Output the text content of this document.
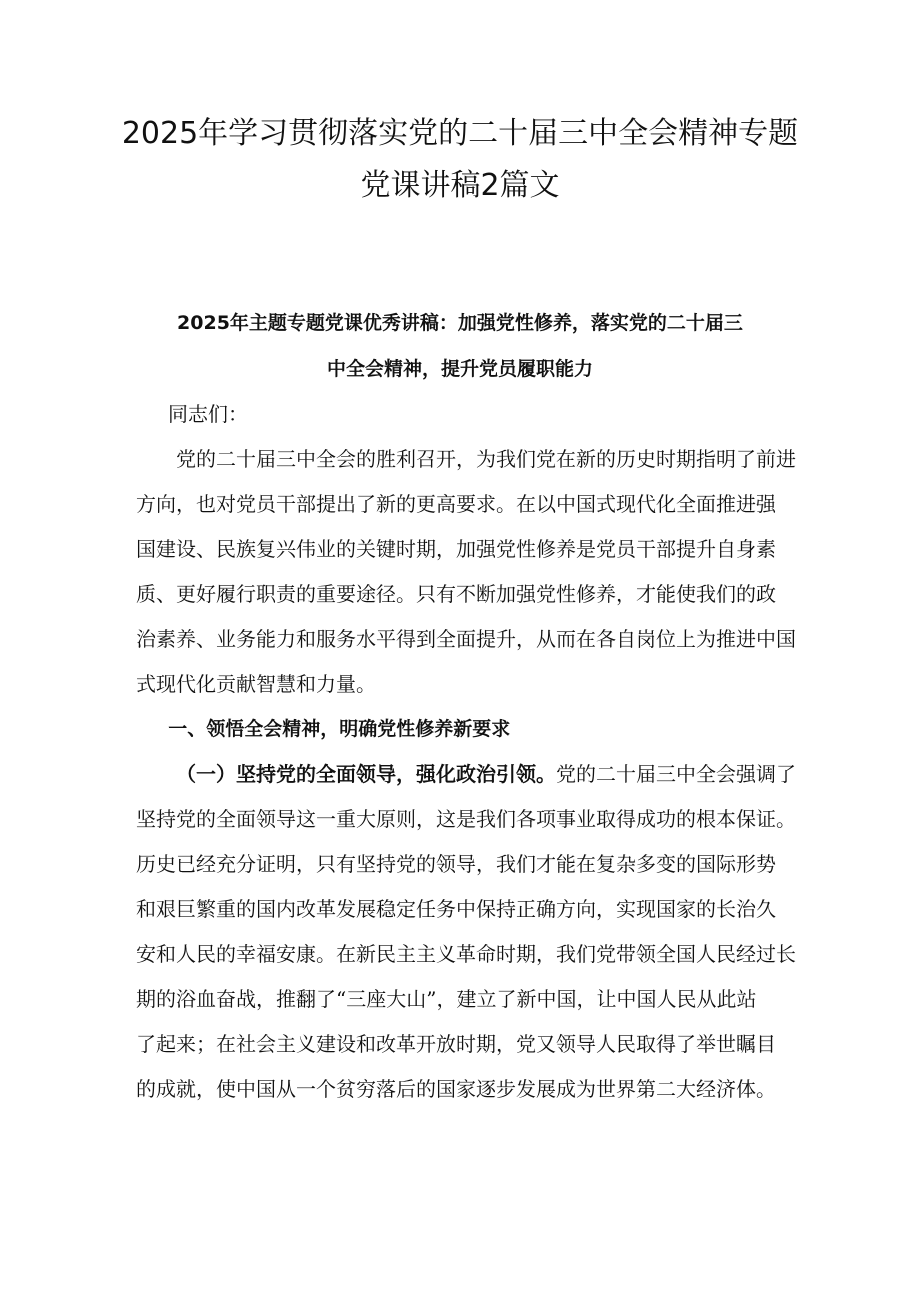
2025年学习贯彻落实党的二十届三中全会精神专题
党课讲稿2篇文
2025年主题专题党课优秀讲稿：加强党性修养，落实党的二十届三
中全会精神，提升党员履职能力

同志们：

党的二十届三中全会的胜利召开，为我们党在新的历史时期指明了前进
方向，也对党员干部提出了新的更高要求。在以中国式现代化全面推进强
国建设、民族复兴伟业的关键时期，加强党性修养是党员干部提升自身素
质、更好履行职责的重要途径。只有不断加强党性修养，才能使我们的政
治素养、业务能力和服务水平得到全面提升，从而在各自岗位上为推进中国
式现代化贡献智慧和力量。

一、领悟全会精神，明确党性修养新要求

（一）坚持党的全面领导，强化政治引领。党的二十届三中全会强调了
坚持党的全面领导这一重大原则，这是我们各项事业取得成功的根本保证。
历史已经充分证明，只有坚持党的领导，我们才能在复杂多变的国际形势
和艰巨繁重的国内改革发展稳定任务中保持正确方向，实现国家的长治久
安和人民的幸福安康。在新民主主义革命时期，我们党带领全国人民经过长
期的浴血奋战，推翻了“三座大山”，建立了新中国，让中国人民从此站
了起来；在社会主义建设和改革开放时期，党又领导人民取得了举世瞩目
的成就，使中国从一个贫穷落后的国家逐步发展成为世界第二大经济体。
